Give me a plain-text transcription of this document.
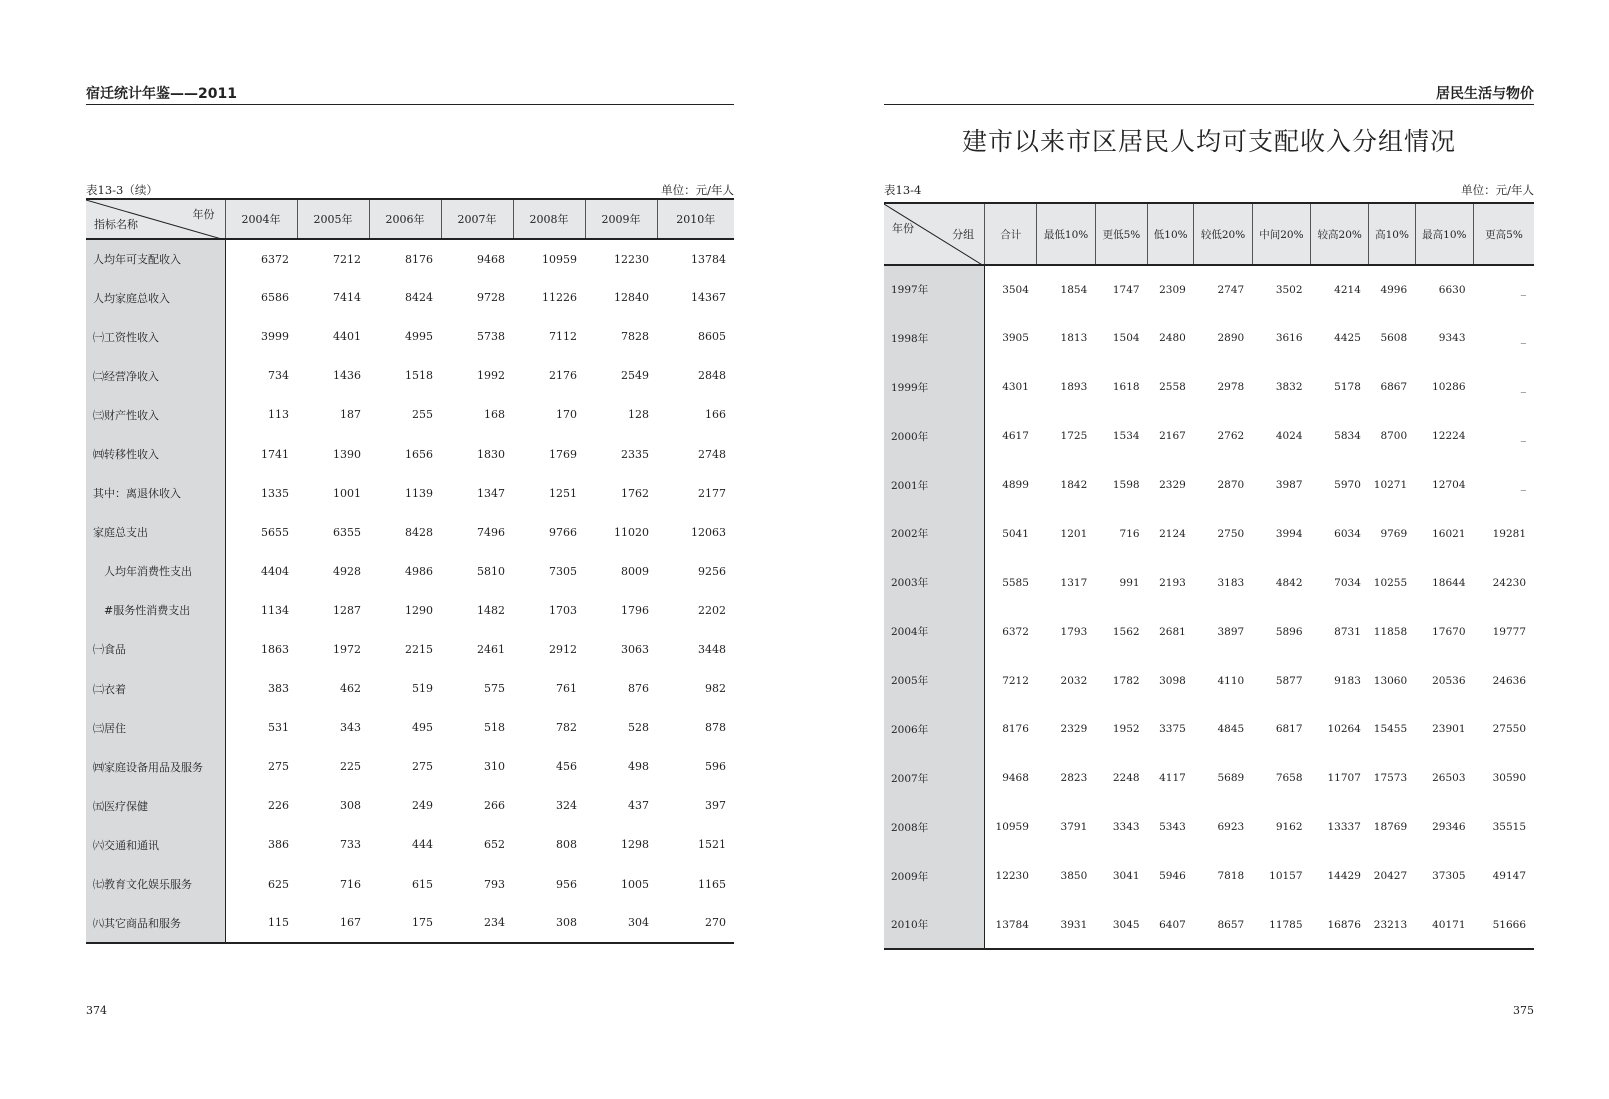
宿迁统计年鉴——2011
表13-3（续）	单位：元/年人
年份
指标名称	2004年	2005年	2006年	2007年	2008年	2009年	2010年
人均年可支配收入	6372	7212	8176	9468	10959	12230	13784
人均家庭总收入	6586	7414	8424	9728	11226	12840	14367
㈠工资性收入	3999	4401	4995	5738	7112	7828	8605
㈡经营净收入	734	1436	1518	1992	2176	2549	2848
㈢财产性收入	113	187	255	168	170	128	166
㈣转移性收入	1741	1390	1656	1830	1769	2335	2748
其中：离退休收入	1335	1001	1139	1347	1251	1762	2177
家庭总支出	5655	6355	8428	7496	9766	11020	12063
人均年消费性支出	4404	4928	4986	5810	7305	8009	9256
#服务性消费支出	1134	1287	1290	1482	1703	1796	2202
㈠食品	1863	1972	2215	2461	2912	3063	3448
㈡衣着	383	462	519	575	761	876	982
㈢居住	531	343	495	518	782	528	878
㈣家庭设备用品及服务	275	225	275	310	456	498	596
㈤医疗保健	226	308	249	266	324	437	397
㈥交通和通讯	386	733	444	652	808	1298	1521
㈦教育文化娱乐服务	625	716	615	793	956	1005	1165
㈧其它商品和服务	115	167	175	234	308	304	270
374
居民生活与物价
建市以来市区居民人均可支配收入分组情况
表13-4	单位：元/年人
分组
年份	合计	最低10%	更低5%	低10%	较低20%	中间20%	较高20%	高10%	最高10%	更高5%
1997年	3504	1854	1747	2309	2747	3502	4214	4996	6630	_
1998年	3905	1813	1504	2480	2890	3616	4425	5608	9343	_
1999年	4301	1893	1618	2558	2978	3832	5178	6867	10286	_
2000年	4617	1725	1534	2167	2762	4024	5834	8700	12224	_
2001年	4899	1842	1598	2329	2870	3987	5970	10271	12704	_
2002年	5041	1201	716	2124	2750	3994	6034	9769	16021	19281
2003年	5585	1317	991	2193	3183	4842	7034	10255	18644	24230
2004年	6372	1793	1562	2681	3897	5896	8731	11858	17670	19777
2005年	7212	2032	1782	3098	4110	5877	9183	13060	20536	24636
2006年	8176	2329	1952	3375	4845	6817	10264	15455	23901	27550
2007年	9468	2823	2248	4117	5689	7658	11707	17573	26503	30590
2008年	10959	3791	3343	5343	6923	9162	13337	18769	29346	35515
2009年	12230	3850	3041	5946	7818	10157	14429	20427	37305	49147
2010年	13784	3931	3045	6407	8657	11785	16876	23213	40171	51666
375
